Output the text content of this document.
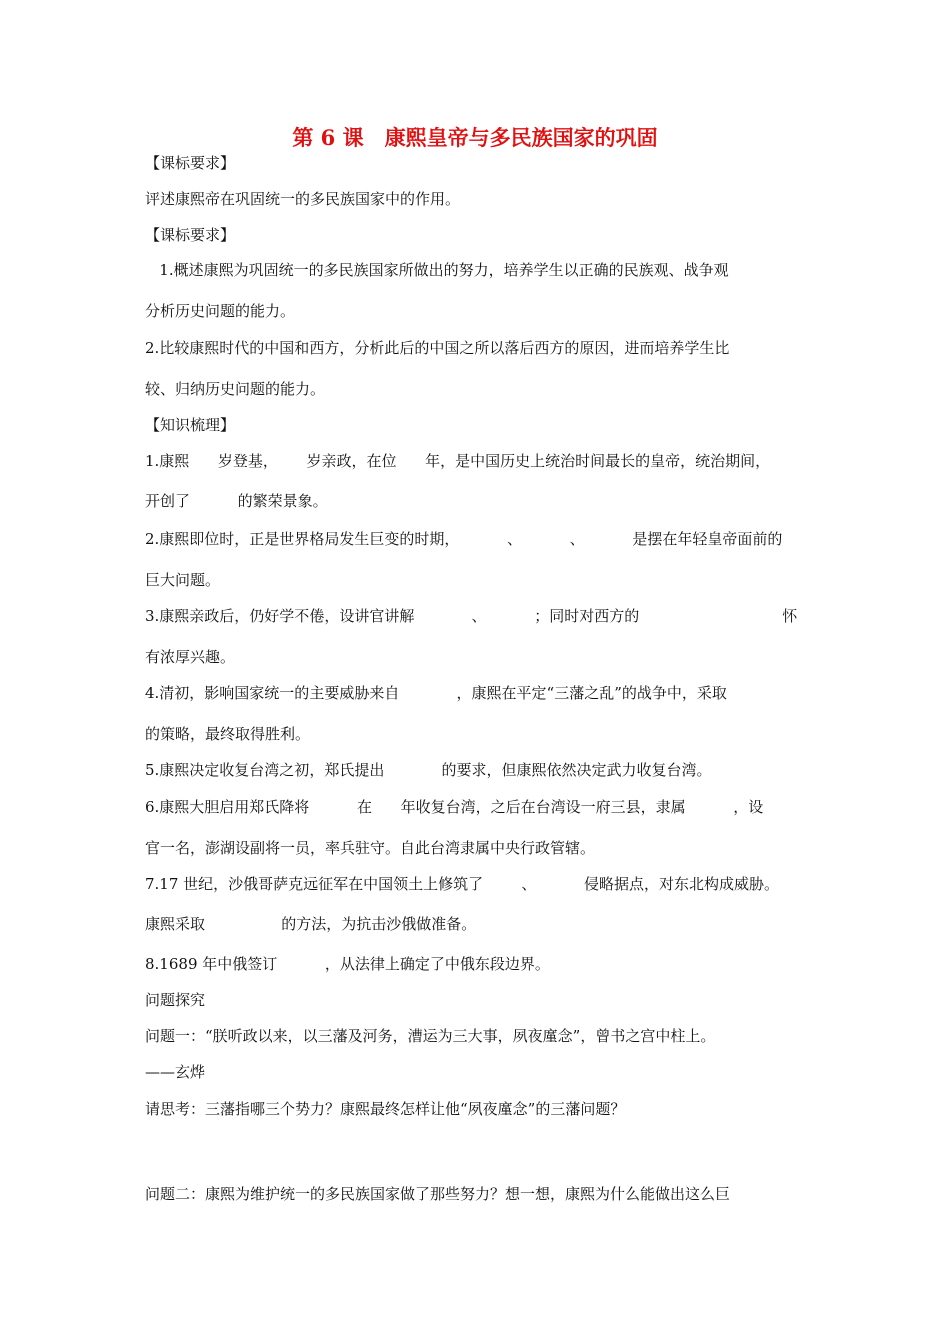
第 6 课　康熙皇帝与多民族国家的巩固

【课标要求】

评述康熙帝在巩固统一的多民族国家中的作用。

【课标要求】

1.概述康熙为巩固统一的多民族国家所做出的努力，培养学生以正确的民族观、战争观

分析历史问题的能力。

2.比较康熙时代的中国和西方，分析此后的中国之所以落后西方的原因，进而培养学生比

较、归纳历史问题的能力。

【知识梳理】

1.康熙      岁登基，      岁亲政，在位      年，是中国历史上统治时间最长的皇帝，统治期间，

开创了          的繁荣景象。

2.康熙即位时，正是世界格局发生巨变的时期，          、          、          是摆在年轻皇帝面前的

巨大问题。

3.康熙亲政后，仍好学不倦，设讲官讲解            、          ；同时对西方的                              怀

有浓厚兴趣。

4.清初，影响国家统一的主要威胁来自            ，康熙在平定“三藩之乱”的战争中，采取

的策略，最终取得胜利。

5.康熙决定收复台湾之初，郑氏提出            的要求，但康熙依然决定武力收复台湾。

6.康熙大胆启用郑氏降将          在      年收复台湾，之后在台湾设一府三县，隶属          ，设

官一名，澎湖设副将一员，率兵驻守。自此台湾隶属中央行政管辖。

7.17 世纪，沙俄哥萨克远征军在中国领土上修筑了        、          侵略据点，对东北构成威胁。

康熙采取                的方法，为抗击沙俄做准备。

8.1689 年中俄签订          ，从法律上确定了中俄东段边界。

问题探究

问题一：“朕听政以来，以三藩及河务，漕运为三大事，夙夜廑念”，曾书之宫中柱上。

——玄烨

请思考：三藩指哪三个势力？康熙最终怎样让他“夙夜廑念”的三藩问题？

问题二：康熙为维护统一的多民族国家做了那些努力？想一想，康熙为什么能做出这么巨
